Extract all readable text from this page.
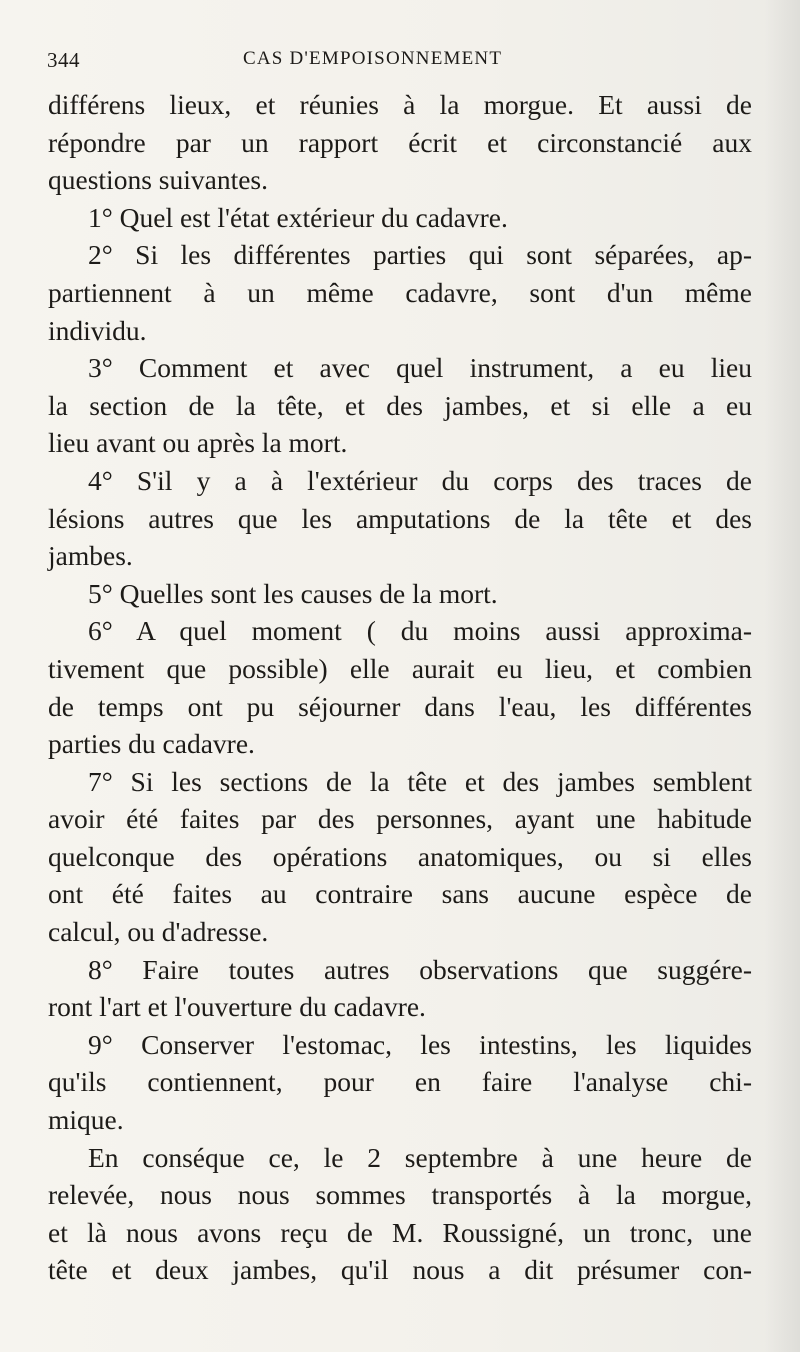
344	CAS D'EMPOISONNEMENT
différens lieux, et réunies à la morgue. Et aussi de
répondre par un rapport écrit et circonstancié aux
questions suivantes.
1° Quel est l'état extérieur du cadavre.
2° Si les différentes parties qui sont séparées, ap-
partiennent à un même cadavre, sont d'un même
individu.
3° Comment et avec quel instrument, a eu lieu
la section de la tête, et des jambes, et si elle a eu
lieu avant ou après la mort.
4° S'il y a à l'extérieur du corps des traces de
lésions autres que les amputations de la tête et des
jambes.
5° Quelles sont les causes de la mort.
6° A quel moment ( du moins aussi approxima-
tivement que possible) elle aurait eu lieu, et combien
de temps ont pu séjourner dans l'eau, les différentes
parties du cadavre.
7° Si les sections de la tête et des jambes semblent
avoir été faites par des personnes, ayant une habitude
quelconque des opérations anatomiques, ou si elles
ont été faites au contraire sans aucune espèce de
calcul, ou d'adresse.
8° Faire toutes autres observations que suggére-
ront l'art et l'ouverture du cadavre.
9° Conserver l'estomac, les intestins, les liquides
qu'ils contiennent, pour en faire l'analyse chi-
mique.
En conséque ce, le 2 septembre à une heure de
relevée, nous nous sommes transportés à la morgue,
et là nous avons reçu de M. Roussigné, un tronc, une
tête et deux jambes, qu'il nous a dit présumer con-
